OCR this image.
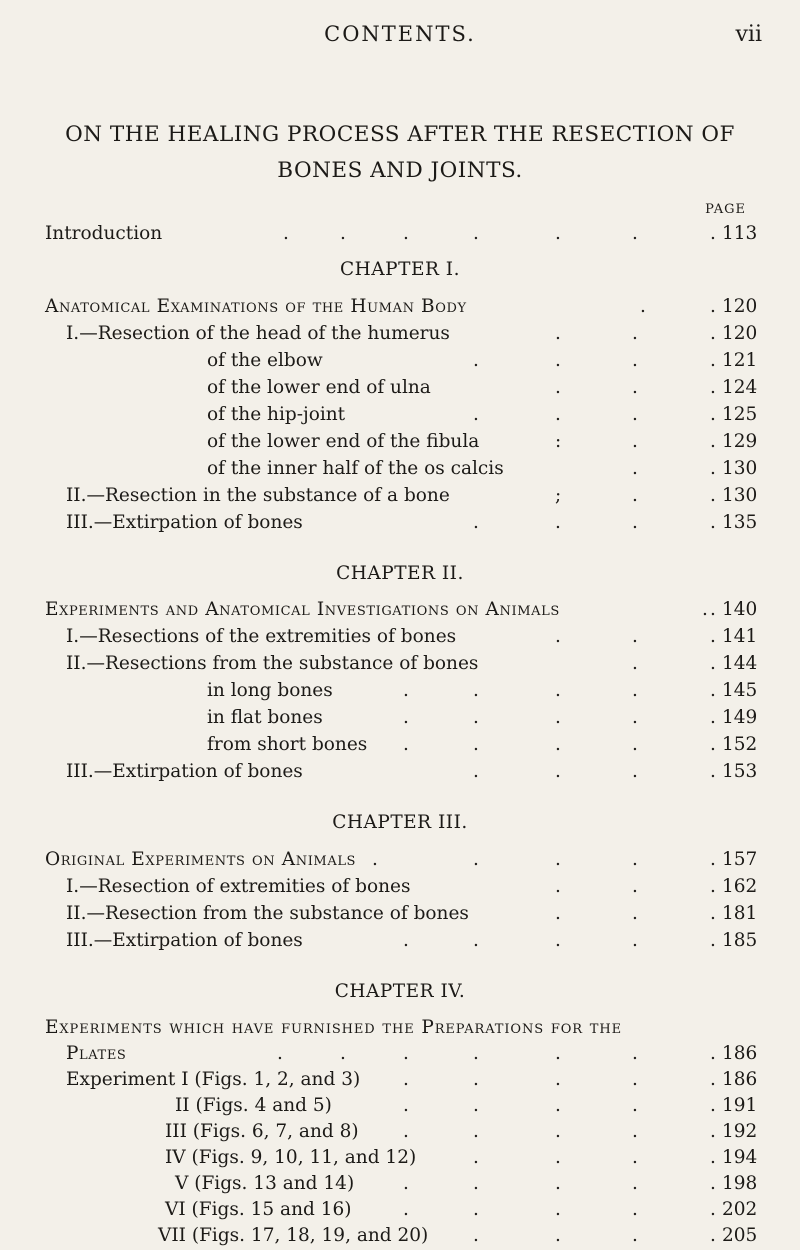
CONTENTS.	vii
ON THE HEALING PROCESS AFTER THE RESECTION OF
BONES AND JOINTS.
PAGE
Introduction	.	.	.	.	.	.	. 113
CHAPTER I.
Anatomical Examinations of the Human Body	.	. 120
I.—Resection of the head of the humerus	.	.	. 120
of the elbow	.	.	.	. 121
of the lower end of ulna	.	.	. 124
of the hip-joint	.	.	.	. 125
of the lower end of the fibula	:	.	. 129
of the inner half of the os calcis	.	. 130
II.—Resection in the substance of a bone	;	.	. 130
III.—Extirpation of bones	.	.	.	. 135
CHAPTER II.
Experiments and Anatomical Investigations on Animals	. . 140
I.—Resections of the extremities of bones	.	.	. 141
II.—Resections from the substance of bones	.	. 144
in long bones	.	.	.	.	. 145
in flat bones	.	.	.	.	. 149
from short bones .	.	.	.	. 152
III.—Extirpation of bones	.	.	.	. 153
CHAPTER III.
Original Experiments on Animals .	.	.	.	. 157
I.—Resection of extremities of bones	.	.	. 162
II.—Resection from the substance of bones	.	.	. 181
III.—Extirpation of bones	.	.	.	.	. 185
CHAPTER IV.
Experiments which have furnished the Preparations for the
Plates	.	.	.	.	.	.	. 186
Experiment I (Figs. 1, 2, and 3) .	.	.	.	. 186
II (Figs. 4 and 5)	.	.	.	.	. 191
III (Figs. 6, 7, and 8) .	.	.	.	. 192
IV (Figs. 9, 10, 11, and 12)	.	.	.	. 194
V (Figs. 13 and 14)	.	.	.	.	. 198
VI (Figs. 15 and 16)	.	.	.	.	. 202
VII (Figs. 17, 18, 19, and 20) .	.	.	. 205
